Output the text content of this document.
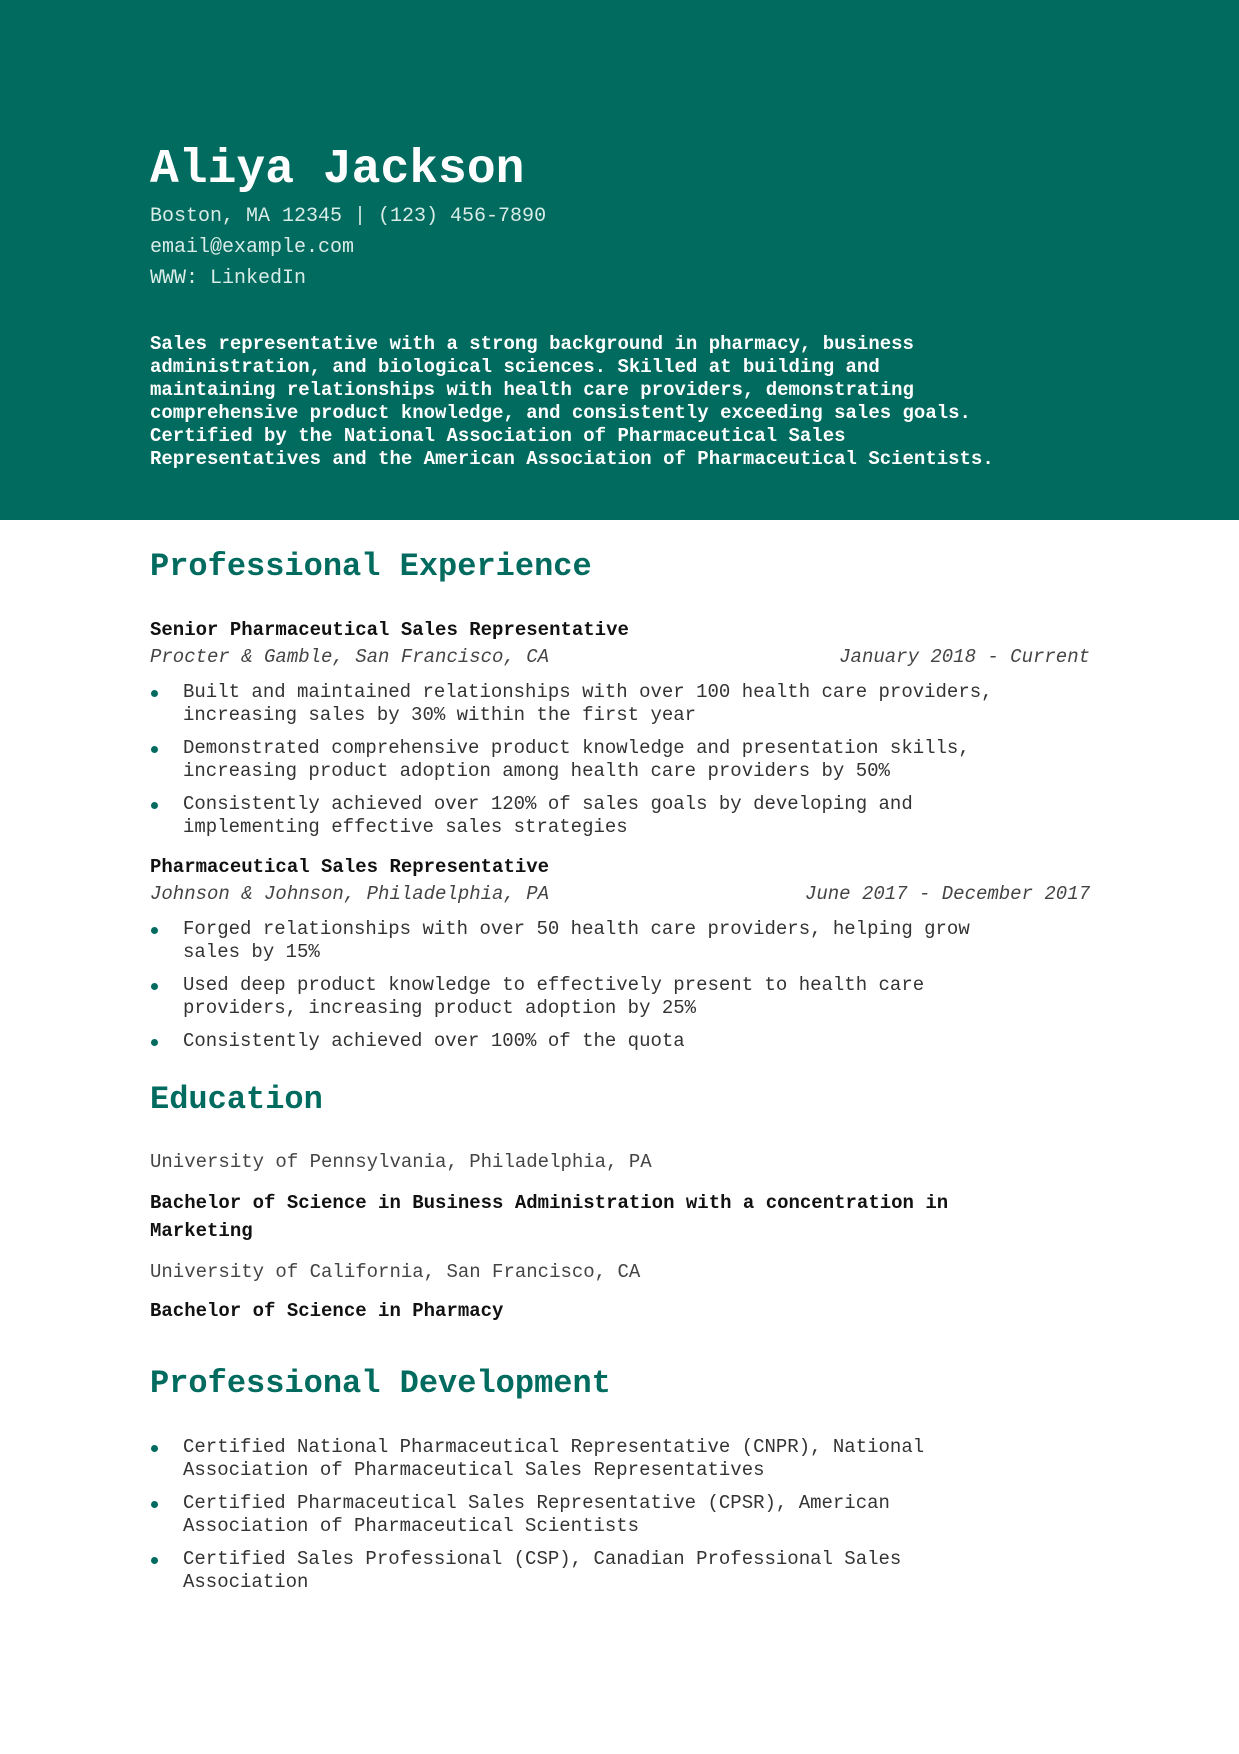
Aliya Jackson
Boston, MA 12345 | (123) 456-7890
email@example.com
WWW: LinkedIn
Sales representative with a strong background in pharmacy, business
administration, and biological sciences. Skilled at building and
maintaining relationships with health care providers, demonstrating
comprehensive product knowledge, and consistently exceeding sales goals.
Certified by the National Association of Pharmaceutical Sales
Representatives and the American Association of Pharmaceutical Scientists.
Professional Experience
Senior Pharmaceutical Sales Representative
Procter & Gamble, San Francisco, CA	January 2018 - Current
Built and maintained relationships with over 100 health care providers,
increasing sales by 30% within the first year
Demonstrated comprehensive product knowledge and presentation skills,
increasing product adoption among health care providers by 50%
Consistently achieved over 120% of sales goals by developing and
implementing effective sales strategies
Pharmaceutical Sales Representative
Johnson & Johnson, Philadelphia, PA	June 2017 - December 2017
Forged relationships with over 50 health care providers, helping grow
sales by 15%
Used deep product knowledge to effectively present to health care
providers, increasing product adoption by 25%
Consistently achieved over 100% of the quota
Education
University of Pennsylvania, Philadelphia, PA
Bachelor of Science in Business Administration with a concentration in
Marketing
University of California, San Francisco, CA
Bachelor of Science in Pharmacy
Professional Development
Certified National Pharmaceutical Representative (CNPR), National
Association of Pharmaceutical Sales Representatives
Certified Pharmaceutical Sales Representative (CPSR), American
Association of Pharmaceutical Scientists
Certified Sales Professional (CSP), Canadian Professional Sales
Association
